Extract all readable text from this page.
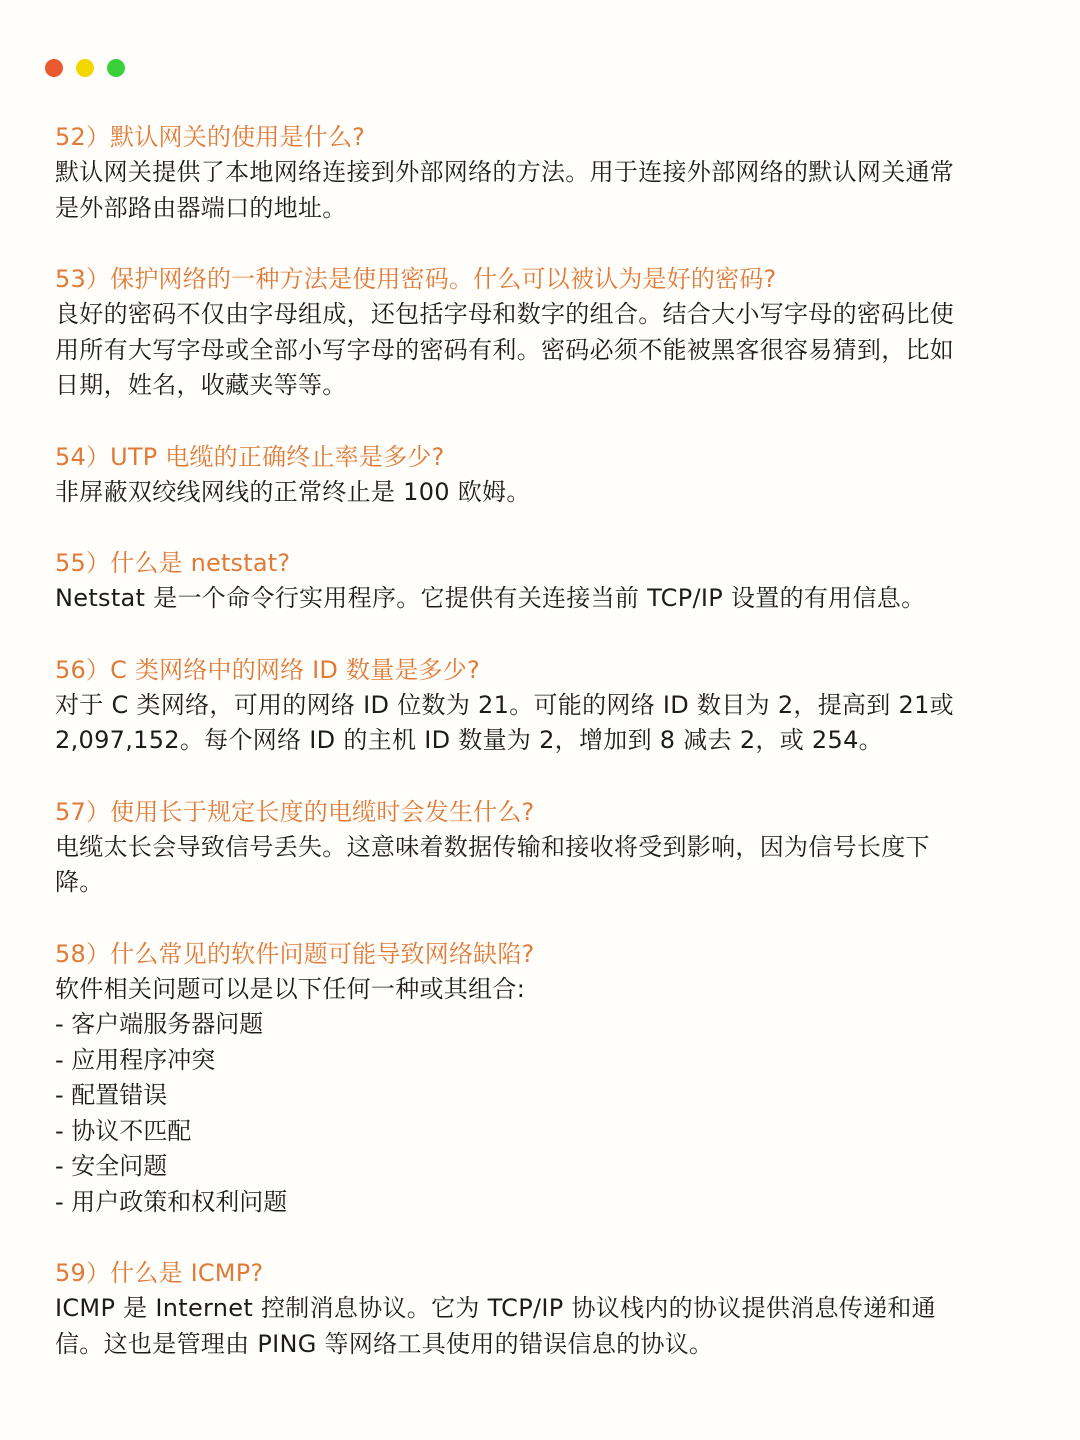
52）默认网关的使用是什么?
默认网关提供了本地网络连接到外部网络的方法。用于连接外部网络的默认网关通常
是外部路由器端口的地址。
53）保护网络的一种方法是使用密码。什么可以被认为是好的密码?
良好的密码不仅由字母组成，还包括字母和数字的组合。结合大小写字母的密码比使
用所有大写字母或全部小写字母的密码有利。密码必须不能被黑客很容易猜到，比如
日期，姓名，收藏夹等等。
54）UTP 电缆的正确终止率是多少?
非屏蔽双绞线网线的正常终止是 100 欧姆。
55）什么是 netstat?
Netstat 是一个命令行实用程序。它提供有关连接当前 TCP/IP 设置的有用信息。
56）C 类网络中的网络 ID 数量是多少?
对于 C 类网络，可用的网络 ID 位数为 21。可能的网络 ID 数目为 2，提高到 21或
2,097,152。每个网络 ID 的主机 ID 数量为 2，增加到 8 减去 2，或 254。
57）使用长于规定长度的电缆时会发生什么?
电缆太长会导致信号丢失。这意味着数据传输和接收将受到影响，因为信号长度下
降。
58）什么常见的软件问题可能导致网络缺陷?
软件相关问题可以是以下任何一种或其组合:
- 客户端服务器问题
- 应用程序冲突
- 配置错误
- 协议不匹配
- 安全问题
- 用户政策和权利问题
59）什么是 ICMP?
ICMP 是 Internet 控制消息协议。它为 TCP/IP 协议栈内的协议提供消息传递和通
信。这也是管理由 PING 等网络工具使用的错误信息的协议。
